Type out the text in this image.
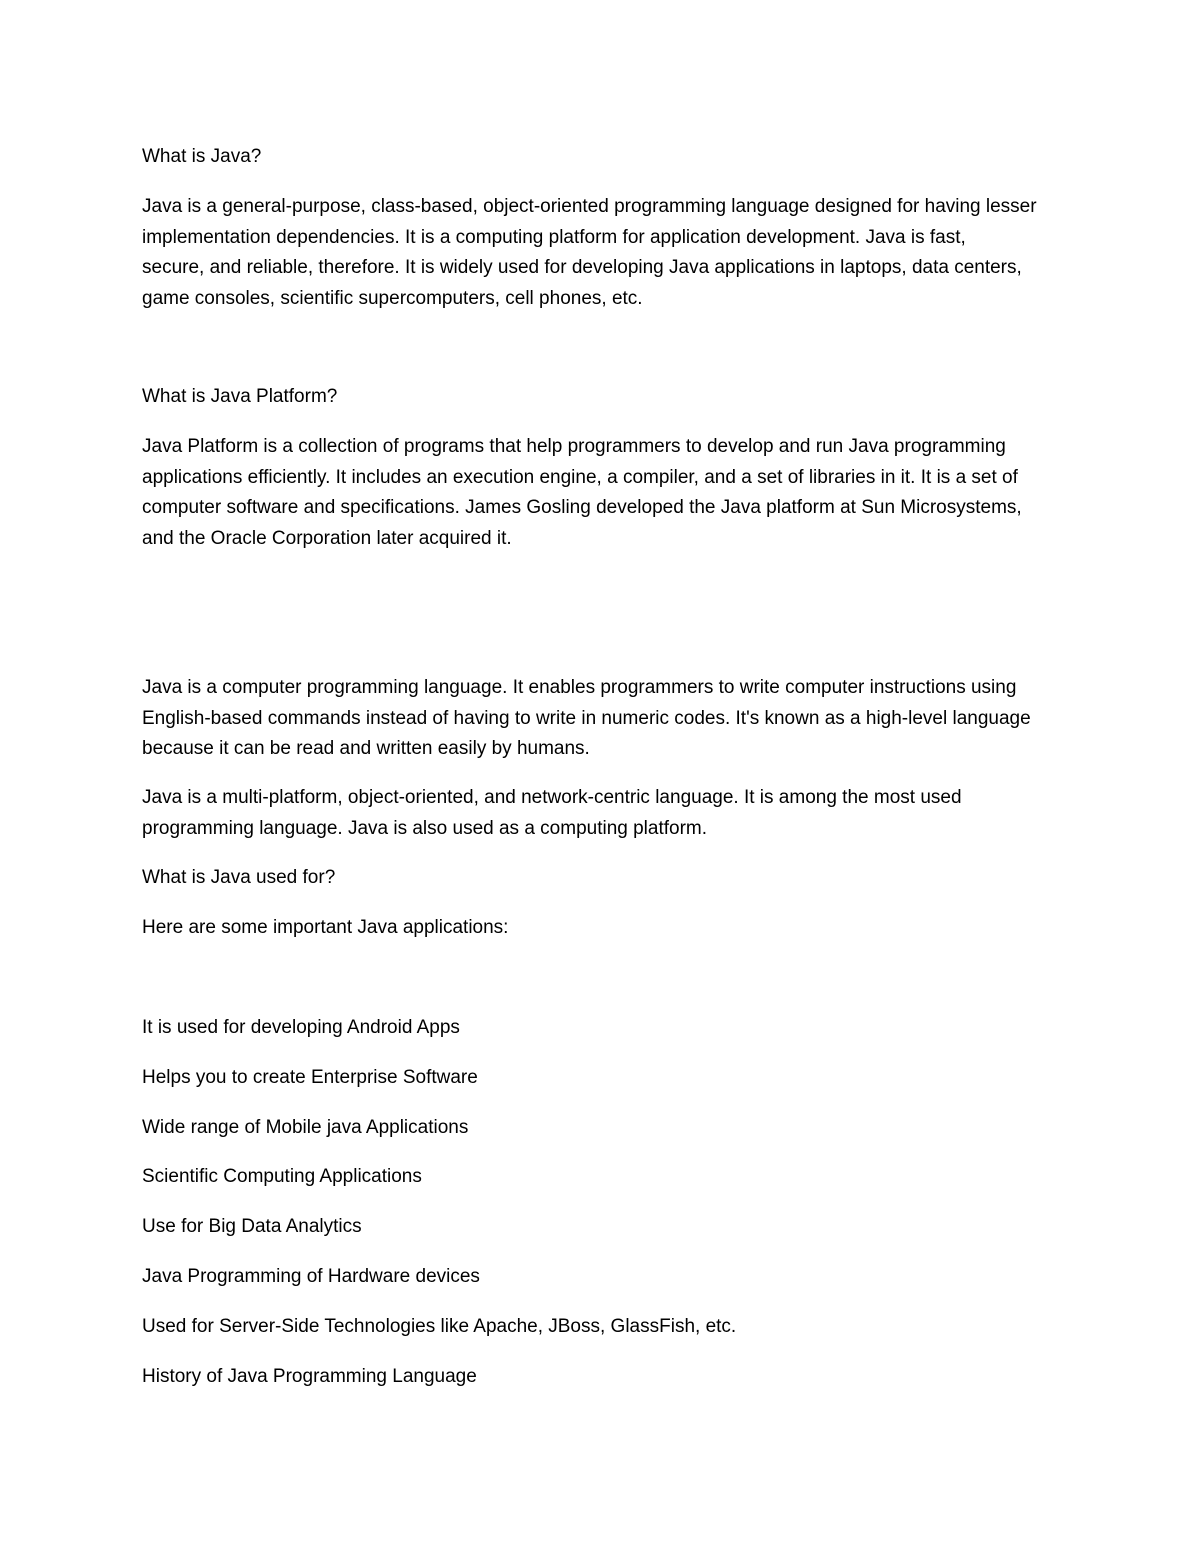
What is Java?

Java is a general-purpose, class-based, object-oriented programming language designed for having lesser
implementation dependencies. It is a computing platform for application development. Java is fast,
secure, and reliable, therefore. It is widely used for developing Java applications in laptops, data centers,
game consoles, scientific supercomputers, cell phones, etc.

What is Java Platform?

Java Platform is a collection of programs that help programmers to develop and run Java programming
applications efficiently. It includes an execution engine, a compiler, and a set of libraries in it. It is a set of
computer software and specifications. James Gosling developed the Java platform at Sun Microsystems,
and the Oracle Corporation later acquired it.

Java is a computer programming language. It enables programmers to write computer instructions using
English-based commands instead of having to write in numeric codes. It's known as a high-level language
because it can be read and written easily by humans.

Java is a multi-platform, object-oriented, and network-centric language. It is among the most used
programming language. Java is also used as a computing platform.

What is Java used for?

Here are some important Java applications:

It is used for developing Android Apps

Helps you to create Enterprise Software

Wide range of Mobile java Applications

Scientific Computing Applications

Use for Big Data Analytics

Java Programming of Hardware devices

Used for Server-Side Technologies like Apache, JBoss, GlassFish, etc.

History of Java Programming Language
